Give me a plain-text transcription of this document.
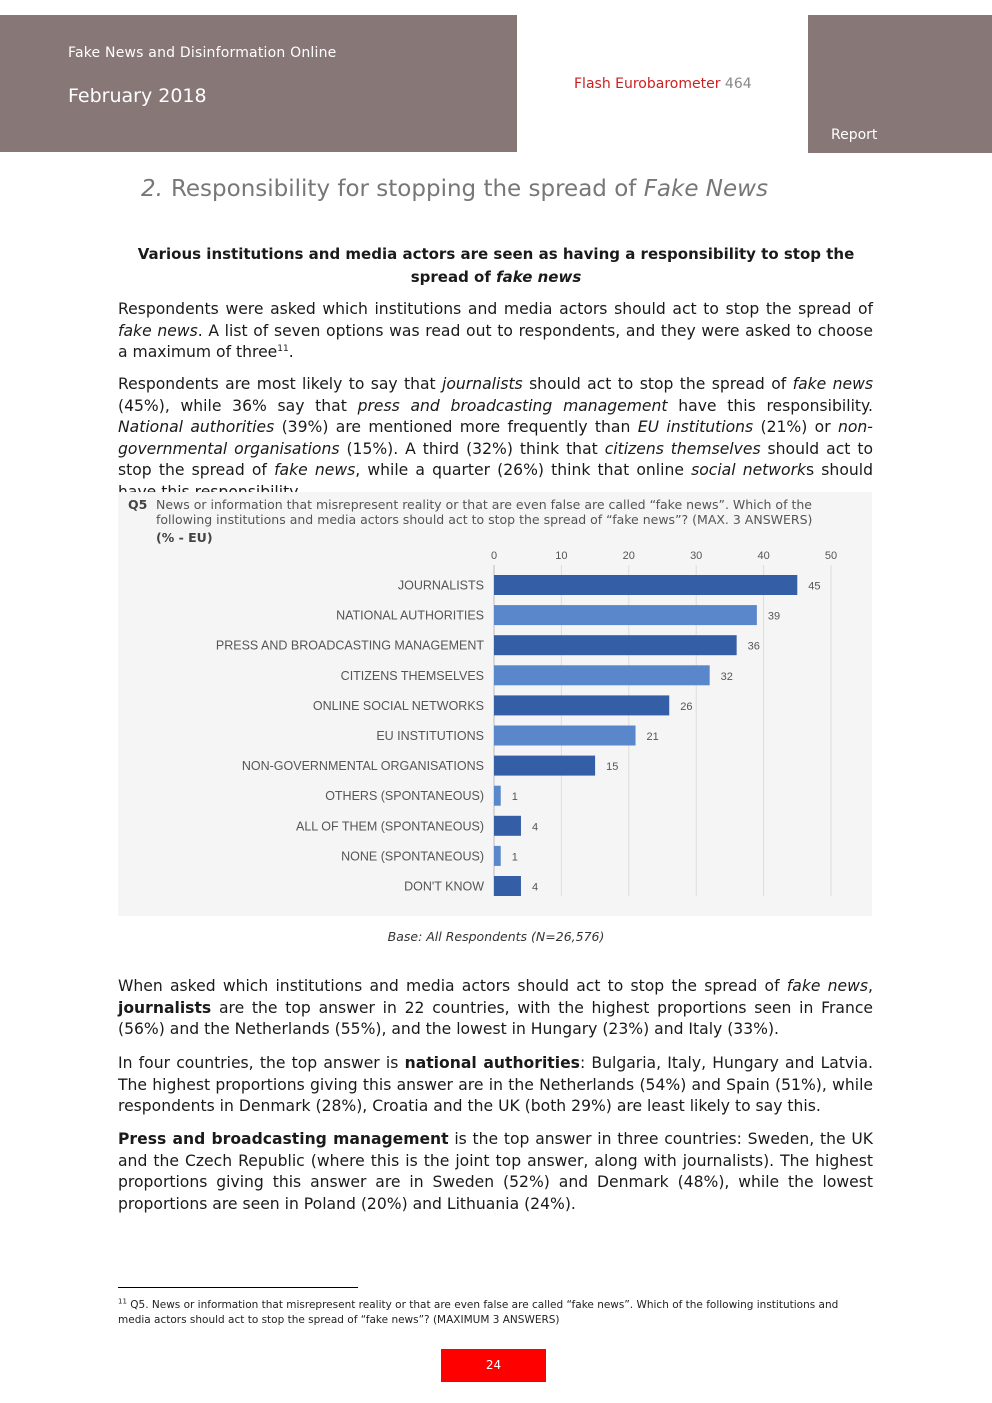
Fake News and Disinformation Online
February 2018
Flash Eurobarometer 464
Report
2. Responsibility for stopping the spread of Fake News
Various institutions and media actors are seen as having a responsibility to stop the spread of fake news
Respondents were asked which institutions and media actors should act to stop the spread of fake news. A list of seven options was read out to respondents, and they were asked to choose a maximum of three$^{11}$.
Respondents are most likely to say that journalists should act to stop the spread of fake news (45%), while 36% say that press and broadcasting management have this responsibility. National authorities (39%) are mentioned more frequently than EU institutions (21%) or non-governmental organisations (15%). A third (32%) think that citizens themselves should act to stop the spread of fake news, while a quarter (26%) think that online social networks should
Q5 News or information that misrepresent reality or that are even false are called “fake news”. Which of the following institutions and media actors should act to stop the spread of “fake news”? (MAX. 3 ANSWERS)
(% - EU)
0	10	20	30	40	50
JOURNALISTS	45
NATIONAL AUTHORITIES	39
PRESS AND BROADCASTING MANAGEMENT	36
CITIZENS THEMSELVES	32
ONLINE SOCIAL NETWORKS	26
EU INSTITUTIONS	21
NON-GOVERNMENTAL ORGANISATIONS	15
OTHERS (SPONTANEOUS)	1
ALL OF THEM (SPONTANEOUS)	4
NONE (SPONTANEOUS)	1
DON'T KNOW	4
Base: All Respondents (N=26,576)
When asked which institutions and media actors should act to stop the spread of fake news, journalists are the top answer in 22 countries, with the highest proportions seen in France (56%) and the Netherlands (55%), and the lowest in Hungary (23%) and Italy (33%).
In four countries, the top answer is national authorities: Bulgaria, Italy, Hungary and Latvia. The highest proportions giving this answer are in the Netherlands (54%) and Spain (51%), while respondents in Denmark (28%), Croatia and the UK (both 29%) are least likely to say this.
Press and broadcasting management is the top answer in three countries: Sweden, the UK and the Czech Republic (where this is the joint top answer, along with journalists). The highest proportions giving this answer are in Sweden (52%) and Denmark (48%), while the lowest proportions are seen in Poland (20%) and Lithuania (24%).
$^{11}$ Q5. News or information that misrepresent reality or that are even false are called “fake news”. Which of the following institutions and media actors should act to stop the spread of “fake news”? (MAXIMUM 3 ANSWERS)
24
